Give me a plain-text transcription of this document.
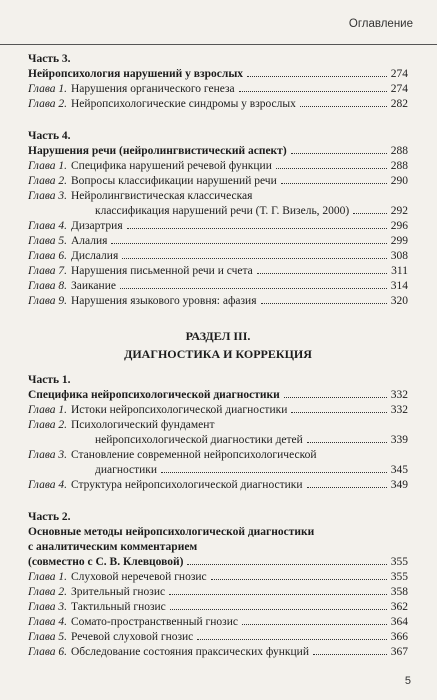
Оглавление
Часть 3.
Нейропсихология нарушений у взрослых	274
Глава 1. Нарушения органического генеза	274
Глава 2. Нейропсихологические синдромы у взрослых	282
Часть 4.
Нарушения речи (нейролингвистический аспект)	288
Глава 1. Специфика нарушений речевой функции	288
Глава 2. Вопросы классификации нарушений речи	290
Глава 3. Нейролингвистическая классическая
классификация нарушений речи (Т. Г. Визель, 2000)	292
Глава 4. Дизартрия	296
Глава 5. Алалия	299
Глава 6. Дислалия	308
Глава 7. Нарушения письменной речи и счета	311
Глава 8. Заикание	314
Глава 9. Нарушения языкового уровня: афазия	320
РАЗДЕЛ III.
ДИАГНОСТИКА И КОРРЕКЦИЯ
Часть 1.
Специфика нейропсихологической диагностики	332
Глава 1. Истоки нейропсихологической диагностики	332
Глава 2. Психологический фундамент
нейропсихологической диагностики детей	339
Глава 3. Становление современной нейропсихологической
диагностики	345
Глава 4. Структура нейропсихологической диагностики	349
Часть 2.
Основные методы нейропсихологической диагностики
с аналитическим комментарием
(совместно с С. В. Клевцовой)	355
Глава 1. Слуховой неречевой гнозис	355
Глава 2. Зрительный гнозис	358
Глава 3. Тактильный гнозис	362
Глава 4. Сомато-пространственный гнозис	364
Глава 5. Речевой слуховой гнозис	366
Глава 6. Обследование состояния праксических функций	367
5
